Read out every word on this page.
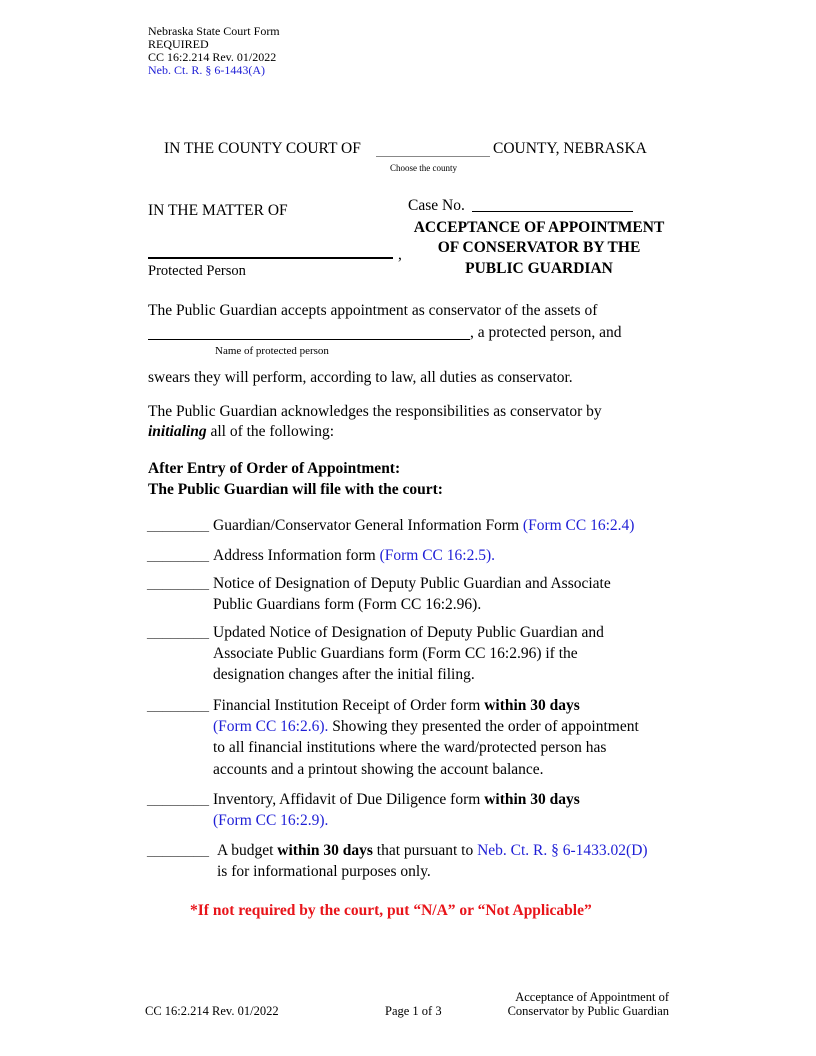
Nebraska State Court Form
REQUIRED
CC 16:2.214 Rev. 01/2022
Neb. Ct. R. § 6-1443(A)
IN THE COUNTY COURT OF	COUNTY, NEBRASKA
Choose the county
IN THE MATTER OF	Case No.
ACCEPTANCE OF APPOINTMENT
OF CONSERVATOR BY THE
PUBLIC GUARDIAN
,
Protected Person
The Public Guardian accepts appointment as conservator of the assets of
, a protected person, and
Name of protected person
swears they will perform, according to law, all duties as conservator.
The Public Guardian acknowledges the responsibilities as conservator by
initialing all of the following:
After Entry of Order of Appointment:
The Public Guardian will file with the court:
________ Guardian/Conservator General Information Form (Form CC 16:2.4)
________ Address Information form (Form CC 16:2.5).
________ Notice of Designation of Deputy Public Guardian and Associate
Public Guardians form (Form CC 16:2.96).
________ Updated Notice of Designation of Deputy Public Guardian and
Associate Public Guardians form (Form CC 16:2.96) if the
designation changes after the initial filing.
________ Financial Institution Receipt of Order form within 30 days
(Form CC 16:2.6). Showing they presented the order of appointment
to all financial institutions where the ward/protected person has
accounts and a printout showing the account balance.
________ Inventory, Affidavit of Due Diligence form within 30 days
(Form CC 16:2.9).
________ A budget within 30 days that pursuant to Neb. Ct. R. § 6-1433.02(D)
is for informational purposes only.
*If not required by the court, put “N/A” or “Not Applicable”
CC 16:2.214 Rev. 01/2022	Page 1 of 3
Acceptance of Appointment of
Conservator by Public Guardian
